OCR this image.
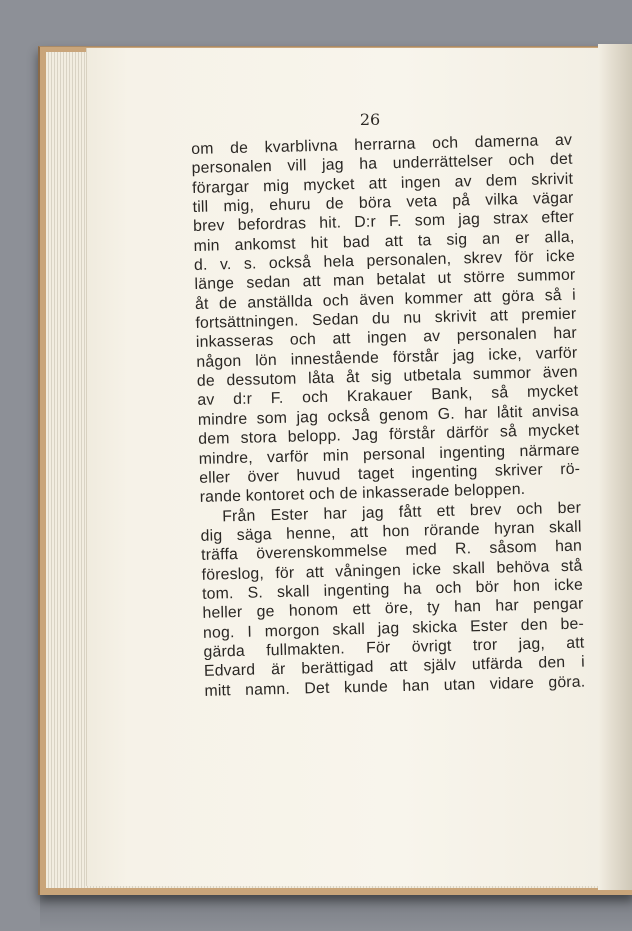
26
om de kvarblivna herrarna och damerna av
personalen vill jag ha underrättelser och det
förargar mig mycket att ingen av dem skrivit
till mig, ehuru de böra veta på vilka vägar
brev befordras hit. D:r F. som jag strax efter
min ankomst hit bad att ta sig an er alla,
d. v. s. också hela personalen, skrev för icke
länge sedan att man betalat ut större summor
åt de anställda och även kommer att göra så i
fortsättningen. Sedan du nu skrivit att premier
inkasseras och att ingen av personalen har
någon lön innestående förstår jag icke, varför
de dessutom låta åt sig utbetala summor även
av d:r F. och Krakauer Bank, så mycket
mindre som jag också genom G. har låtit anvisa
dem stora belopp. Jag förstår därför så mycket
mindre, varför min personal ingenting närmare
eller över huvud taget ingenting skriver rö-
rande kontoret och de inkasserade beloppen.
Från Ester har jag fått ett brev och ber
dig säga henne, att hon rörande hyran skall
träffa överenskommelse med R. såsom han
föreslog, för att våningen icke skall behöva stå
tom. S. skall ingenting ha och bör hon icke
heller ge honom ett öre, ty han har pengar
nog. I morgon skall jag skicka Ester den be-
gärda fullmakten. För övrigt tror jag, att
Edvard är berättigad att själv utfärda den i
mitt namn. Det kunde han utan vidare göra.
